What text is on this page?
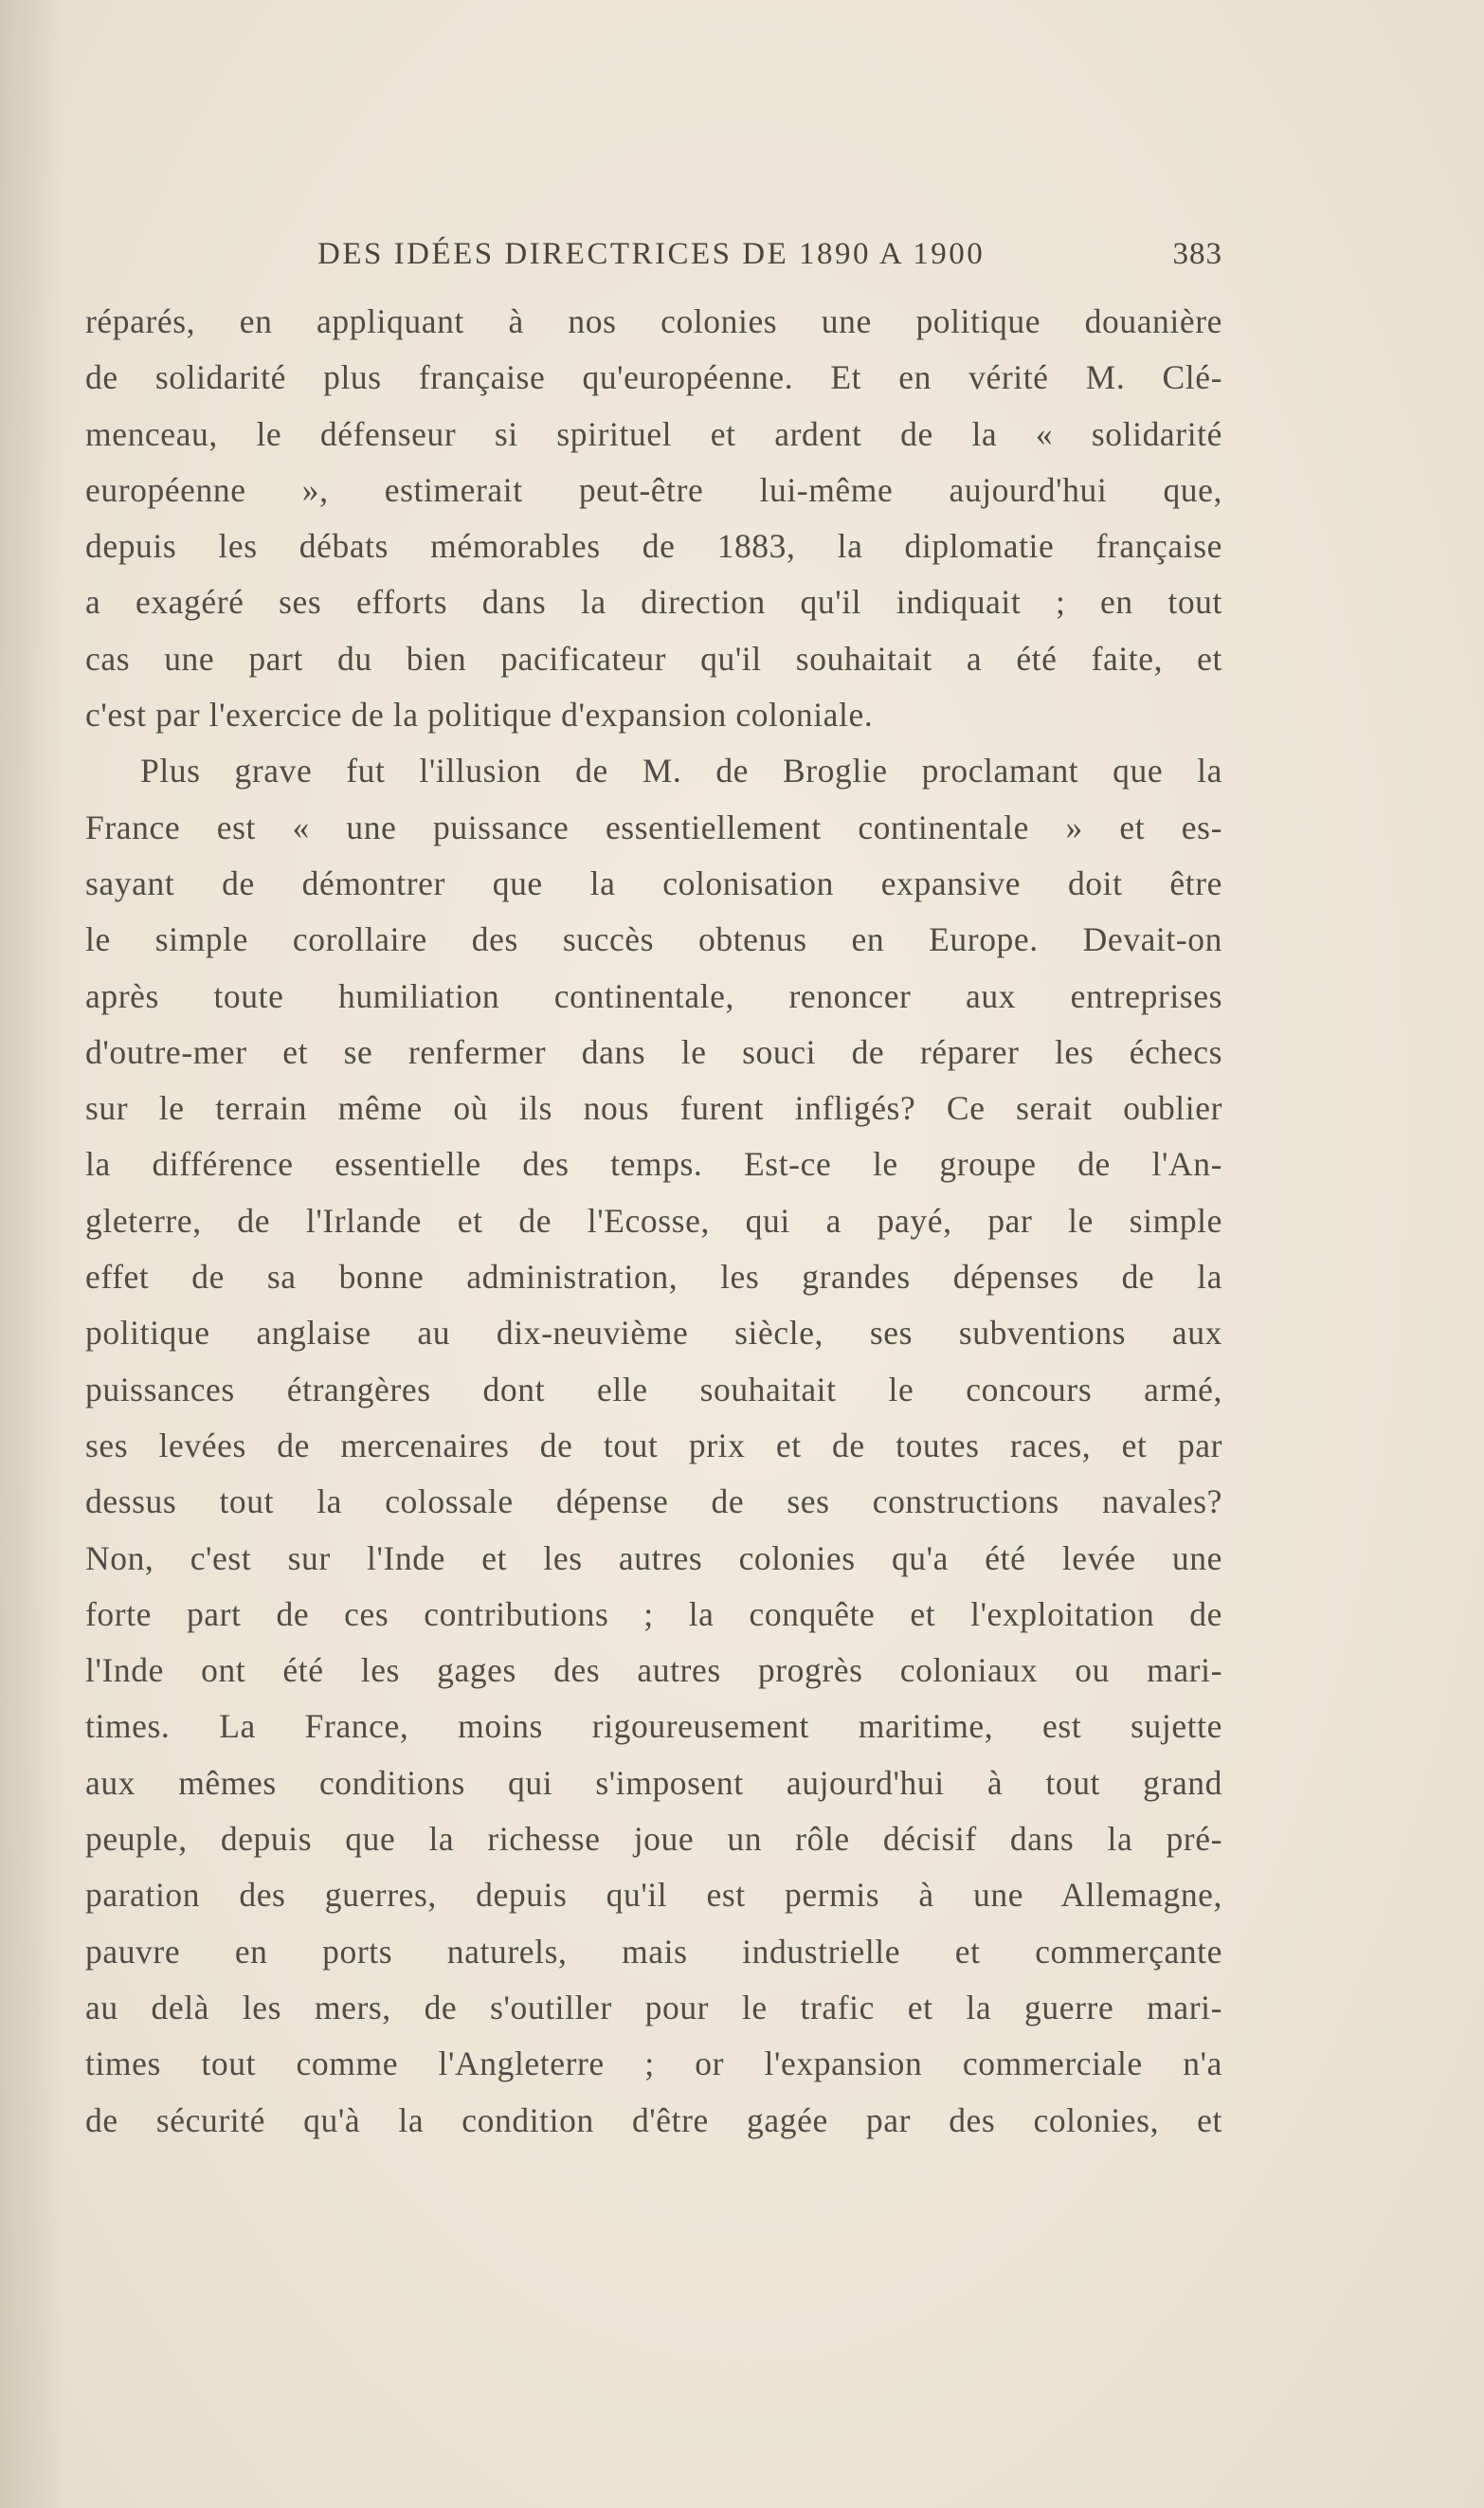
DES IDÉES DIRECTRICES DE 1890 A 1900	383
réparés, en appliquant à nos colonies une politique douanière
de solidarité plus française qu'européenne. Et en vérité M. Clé-
menceau, le défenseur si spirituel et ardent de la « solidarité
européenne », estimerait peut-être lui-même aujourd'hui que,
depuis les débats mémorables de 1883, la diplomatie française
a exagéré ses efforts dans la direction qu'il indiquait ; en tout
cas une part du bien pacificateur qu'il souhaitait a été faite, et
c'est par l'exercice de la politique d'expansion coloniale.
Plus grave fut l'illusion de M. de Broglie proclamant que la
France est « une puissance essentiellement continentale » et es-
sayant de démontrer que la colonisation expansive doit être
le simple corollaire des succès obtenus en Europe. Devait-on
après toute humiliation continentale, renoncer aux entreprises
d'outre-mer et se renfermer dans le souci de réparer les échecs
sur le terrain même où ils nous furent infligés? Ce serait oublier
la différence essentielle des temps. Est-ce le groupe de l'An-
gleterre, de l'Irlande et de l'Ecosse, qui a payé, par le simple
effet de sa bonne administration, les grandes dépenses de la
politique anglaise au dix-neuvième siècle, ses subventions aux
puissances étrangères dont elle souhaitait le concours armé,
ses levées de mercenaires de tout prix et de toutes races, et par
dessus tout la colossale dépense de ses constructions navales?
Non, c'est sur l'Inde et les autres colonies qu'a été levée une
forte part de ces contributions ; la conquête et l'exploitation de
l'Inde ont été les gages des autres progrès coloniaux ou mari-
times. La France, moins rigoureusement maritime, est sujette
aux mêmes conditions qui s'imposent aujourd'hui à tout grand
peuple, depuis que la richesse joue un rôle décisif dans la pré-
paration des guerres, depuis qu'il est permis à une Allemagne,
pauvre en ports naturels, mais industrielle et commerçante
au delà les mers, de s'outiller pour le trafic et la guerre mari-
times tout comme l'Angleterre ; or l'expansion commerciale n'a
de sécurité qu'à la condition d'être gagée par des colonies, et
